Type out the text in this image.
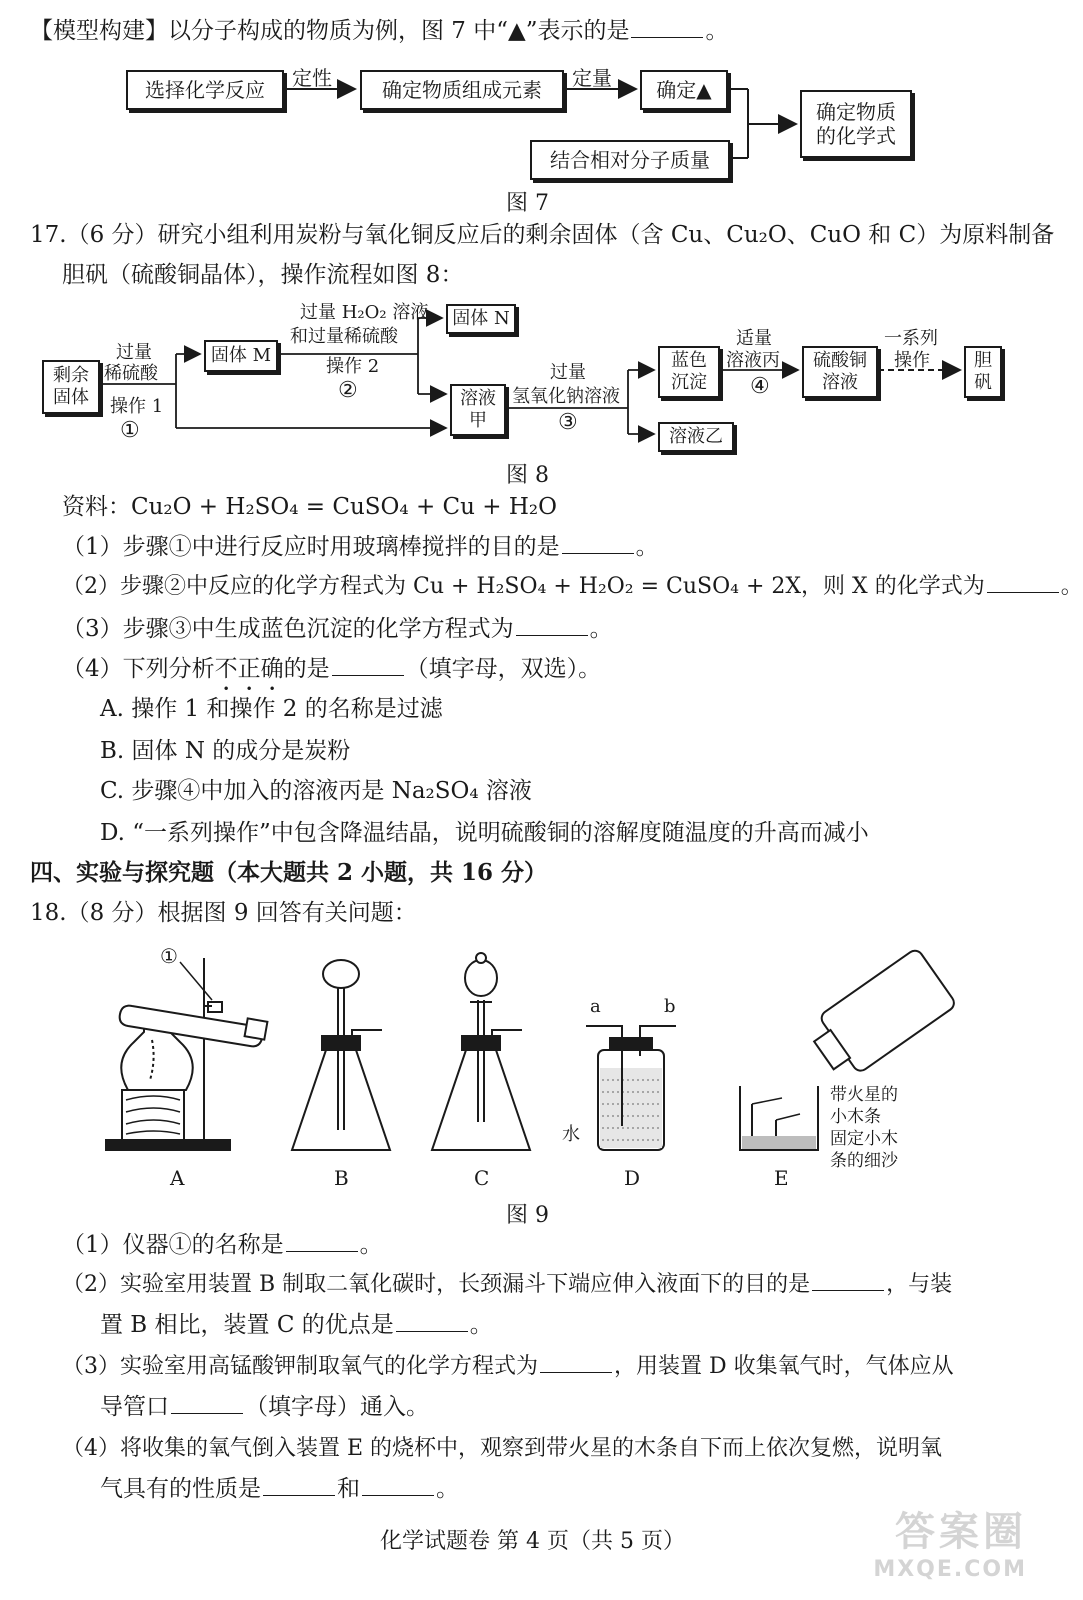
【模型构建】以分子构成的物质为例，图 7 中“▲”表示的是	。
选择化学反应	定性	确定物质组成元素	定量	确定▲
结合相对分子质量
确定物质
的化学式
图 7
17.（6 分）研究小组利用炭粉与氧化铜反应后的剩余固体（含 Cu、Cu₂O、CuO 和 C）为原料制备
胆矾（硫酸铜晶体），操作流程如图 8：
剩余
固体
过量
稀硫酸
操作 1
①
固体 M
过量 H₂O₂ 溶液
和过量稀硫酸
操作 2
②
固体 N
溶液
甲
过量
氢氧化钠溶液
③
蓝色
沉淀
溶液乙
适量
溶液丙
④
硫酸铜
溶液
一系列
操作 胆
矾
图 8
资料：Cu₂O + H₂SO₄ = CuSO₄ + Cu + H₂O
（1）步骤①中进行反应时用玻璃棒搅拌的目的是	。
（2）步骤②中反应的化学方程式为 Cu + H₂SO₄ + H₂O₂ = CuSO₄ + 2X，则 X 的化学式为	。
（3）步骤③中生成蓝色沉淀的化学方程式为	。
（4）下列分析不正确的是	（填字母，双选）。
A. 操作 1 和操作 2 的名称是过滤
B. 固体 N 的成分是炭粉
C. 步骤④中加入的溶液丙是 Na₂SO₄ 溶液
D. “一系列操作”中包含降温结晶，说明硫酸铜的溶解度随温度的升高而减小
四、实验与探究题（本大题共 2 小题，共 16 分）
18.（8 分）根据图 9 回答有关问题：
①
A	B	C	D	E
a	b
水
带火星的
小木条
固定小木
条的细沙
图 9
（1）仪器①的名称是	。
（2）实验室用装置 B 制取二氧化碳时，长颈漏斗下端应伸入液面下的目的是	，与装
置 B 相比，装置 C 的优点是	。
（3）实验室用高锰酸钾制取氧气的化学方程式为	，用装置 D 收集氧气时，气体应从
导管口	（填字母）通入。
（4）将收集的氧气倒入装置 E 的烧杯中，观察到带火星的木条自下而上依次复燃，说明氧
气具有的性质是	和	。
化学试题卷 第 4 页（共 5 页）	答案圈
MXQE.COM
